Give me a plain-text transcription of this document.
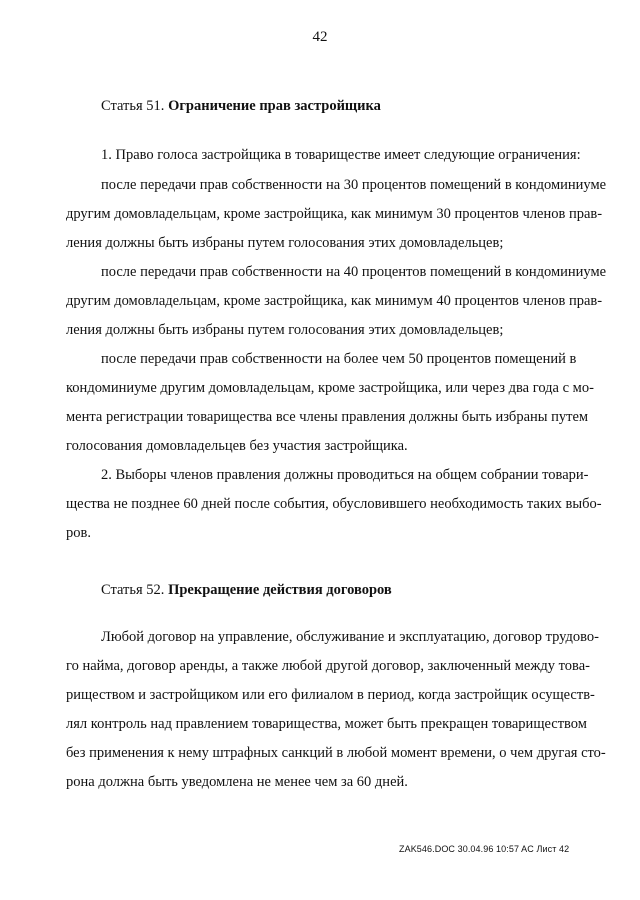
42
Статья 51. Ограничение прав застройщика
1. Право голоса застройщика в товариществе имеет следующие ограничения:
после передачи прав собственности на 30 процентов помещений в кондоминиуме
другим домовладельцам, кроме застройщика, как минимум 30 процентов членов прав-
ления должны быть избраны путем голосования этих домовладельцев;
после передачи прав собственности на 40 процентов помещений в кондоминиуме
другим домовладельцам, кроме застройщика, как минимум 40 процентов членов прав-
ления должны быть избраны путем голосования этих домовладельцев;
после передачи прав собственности на более чем 50 процентов помещений в
кондоминиуме другим домовладельцам, кроме застройщика, или через два года с мо-
мента регистрации товарищества все члены правления должны быть избраны путем
голосования домовладельцев без участия застройщика.
2. Выборы членов правления должны проводиться на общем собрании товари-
щества не позднее 60 дней после события, обусловившего необходимость таких выбо-
ров.
Статья 52. Прекращение действия договоров
Любой договор на управление, обслуживание и эксплуатацию, договор трудово-
го найма, договор аренды, а также любой другой договор, заключенный между това-
риществом и застройщиком или его филиалом в период, когда застройщик осуществ-
лял контроль над правлением товарищества, может быть прекращен товариществом
без применения к нему штрафных санкций в любой момент времени, о чем другая сто-
рона должна быть уведомлена не менее чем за 60 дней.
ZAK546.DOC 30.04.96 10:57 AC Лист 42
